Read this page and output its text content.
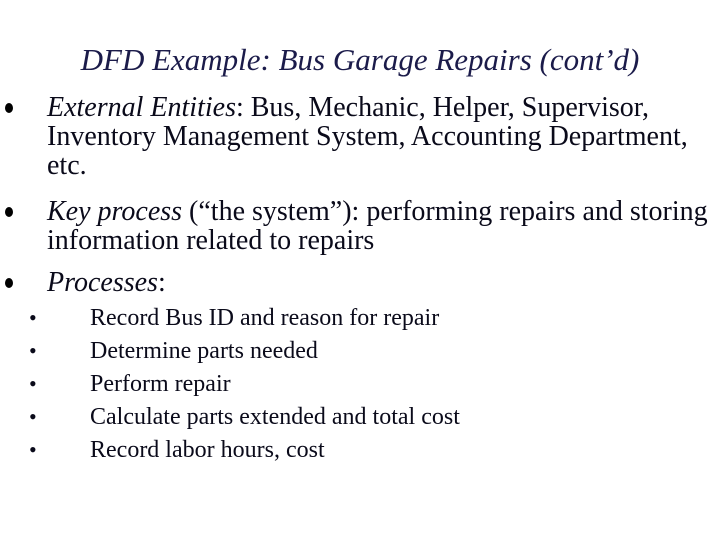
DFD Example: Bus Garage Repairs (cont’d)
External Entities: Bus, Mechanic, Helper, Supervisor, Inventory Management System, Accounting Department, etc.
Key process (“the system”): performing repairs and storing information related to repairs
Processes:
• Record Bus ID and reason for repair
• Determine parts needed
• Perform repair
• Calculate parts extended and total cost
• Record labor hours, cost
